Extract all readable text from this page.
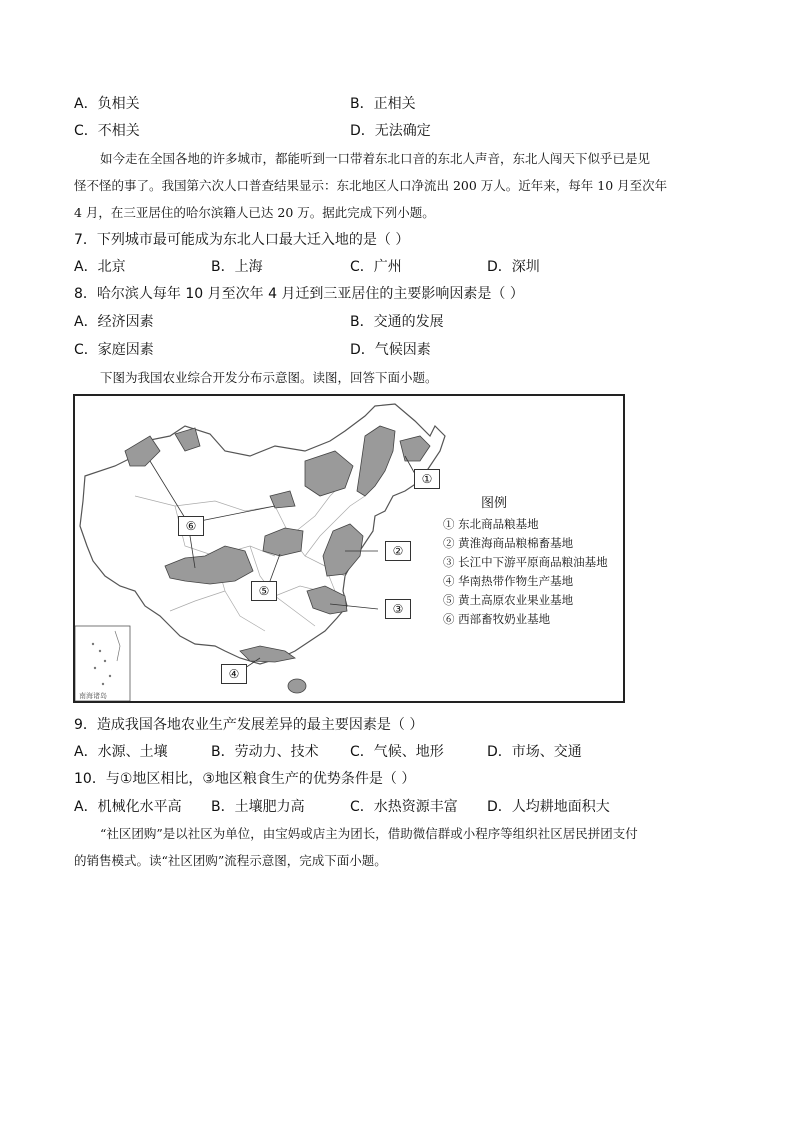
A．负相关	B．正相关
C．不相关	D．无法确定
如今走在全国各地的许多城市，都能听到一口带着东北口音的东北人声音，东北人闯天下似乎已是见
怪不怪的事了。我国第六次人口普查结果显示：东北地区人口净流出 200 万人。近年来，每年 10 月至次年
4 月，在三亚居住的哈尔滨籍人已达 20 万。据此完成下列小题。
7．下列城市最可能成为东北人口最大迁入地的是（ ）
A．北京	B．上海	C．广州	D．深圳
8．哈尔滨人每年 10 月至次年 4 月迁到三亚居住的主要影响因素是（ ）
A．经济因素	B．交通的发展
C．家庭因素	D．气候因素
下图为我国农业综合开发分布示意图。读图，回答下面小题。
①
②
③
④
⑤
⑥
南海诸岛
图例
① 东北商品粮基地
② 黄淮海商品粮棉畜基地
③ 长江中下游平原商品粮油基地
④ 华南热带作物生产基地
⑤ 黄土高原农业果业基地
⑥ 西部畜牧奶业基地
9．造成我国各地农业生产发展差异的最主要因素是（ ）
A．水源、土壤	B．劳动力、技术 C．气候、地形	D．市场、交通
10．与①地区相比，③地区粮食生产的优势条件是（ ）
A．机械化水平高 B．土壤肥力高	C．水热资源丰富 D．人均耕地面积大
“社区团购”是以社区为单位，由宝妈或店主为团长，借助微信群或小程序等组织社区居民拼团支付
的销售模式。读“社区团购”流程示意图，完成下面小题。
